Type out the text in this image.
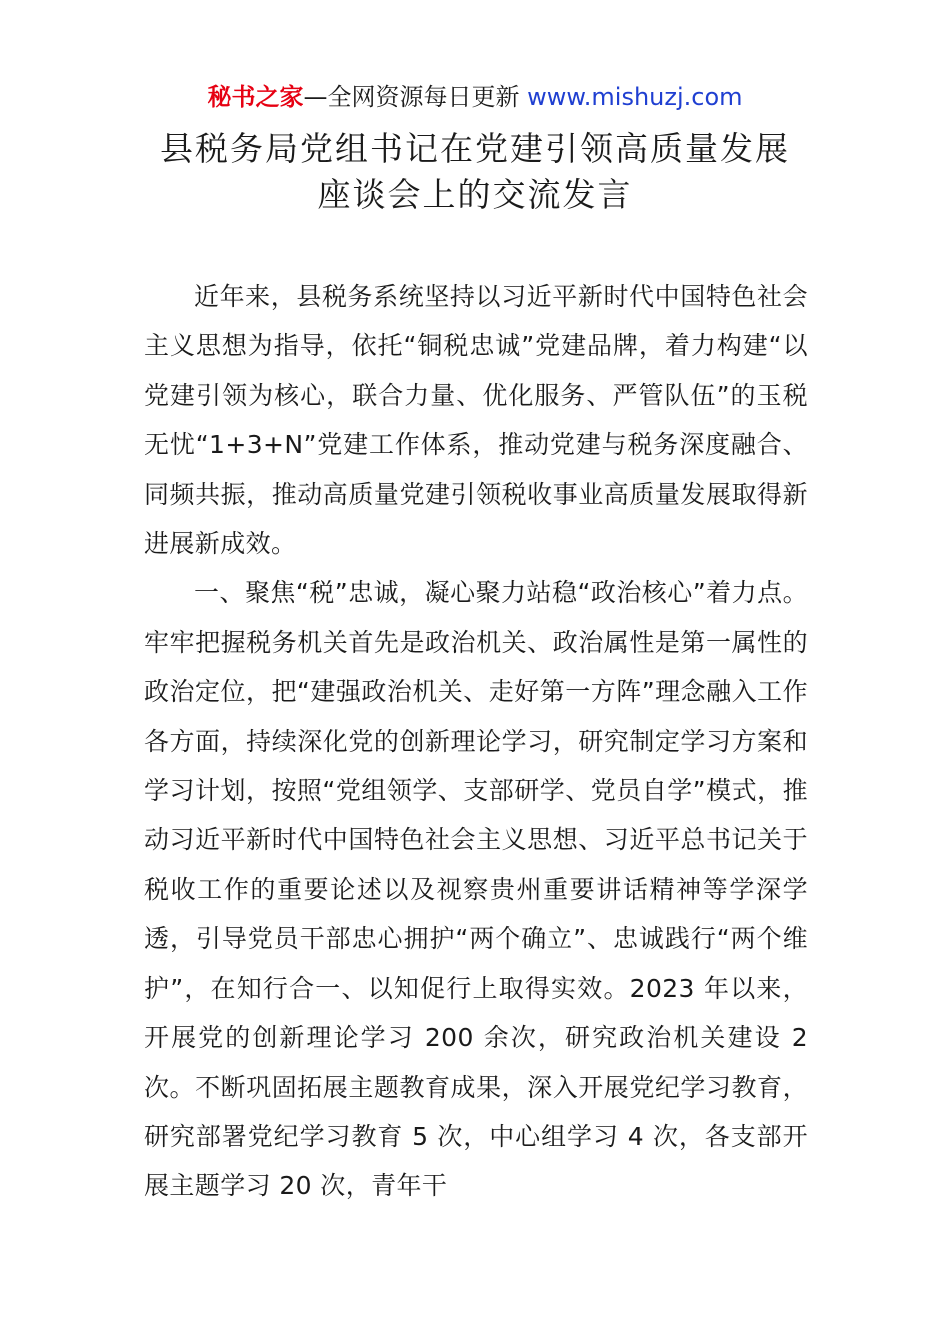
秘书之家—全网资源每日更新 www.mishuzj.com
县税务局党组书记在党建引领高质量发展
座谈会上的交流发言

近年来，县税务系统坚持以习近平新时代中国特色社会主义思想为指导，依托“铜税忠诚”党建品牌，着力构建“以党建引领为核心，联合力量、优化服务、严管队伍”的玉税无忧“1+3+N”党建工作体系，推动党建与税务深度融合、同频共振，推动高质量党建引领税收事业高质量发展取得新进展新成效。

一、聚焦“税”忠诚，凝心聚力站稳“政治核心”着力点。牢牢把握税务机关首先是政治机关、政治属性是第一属性的政治定位，把“建强政治机关、走好第一方阵”理念融入工作各方面，持续深化党的创新理论学习，研究制定学习方案和学习计划，按照“党组领学、支部研学、党员自学”模式，推动习近平新时代中国特色社会主义思想、习近平总书记关于税收工作的重要论述以及视察贵州重要讲话精神等学深学透，引导党员干部忠心拥护“两个确立”、忠诚践行“两个维护”，在知行合一、以知促行上取得实效。2023 年以来，开展党的创新理论学习 200 余次，研究政治机关建设 2 次。不断巩固拓展主题教育成果，深入开展党纪学习教育，研究部署党纪学习教育 5 次，中心组学习 4 次，各支部开展主题学习 20 次，青年干
